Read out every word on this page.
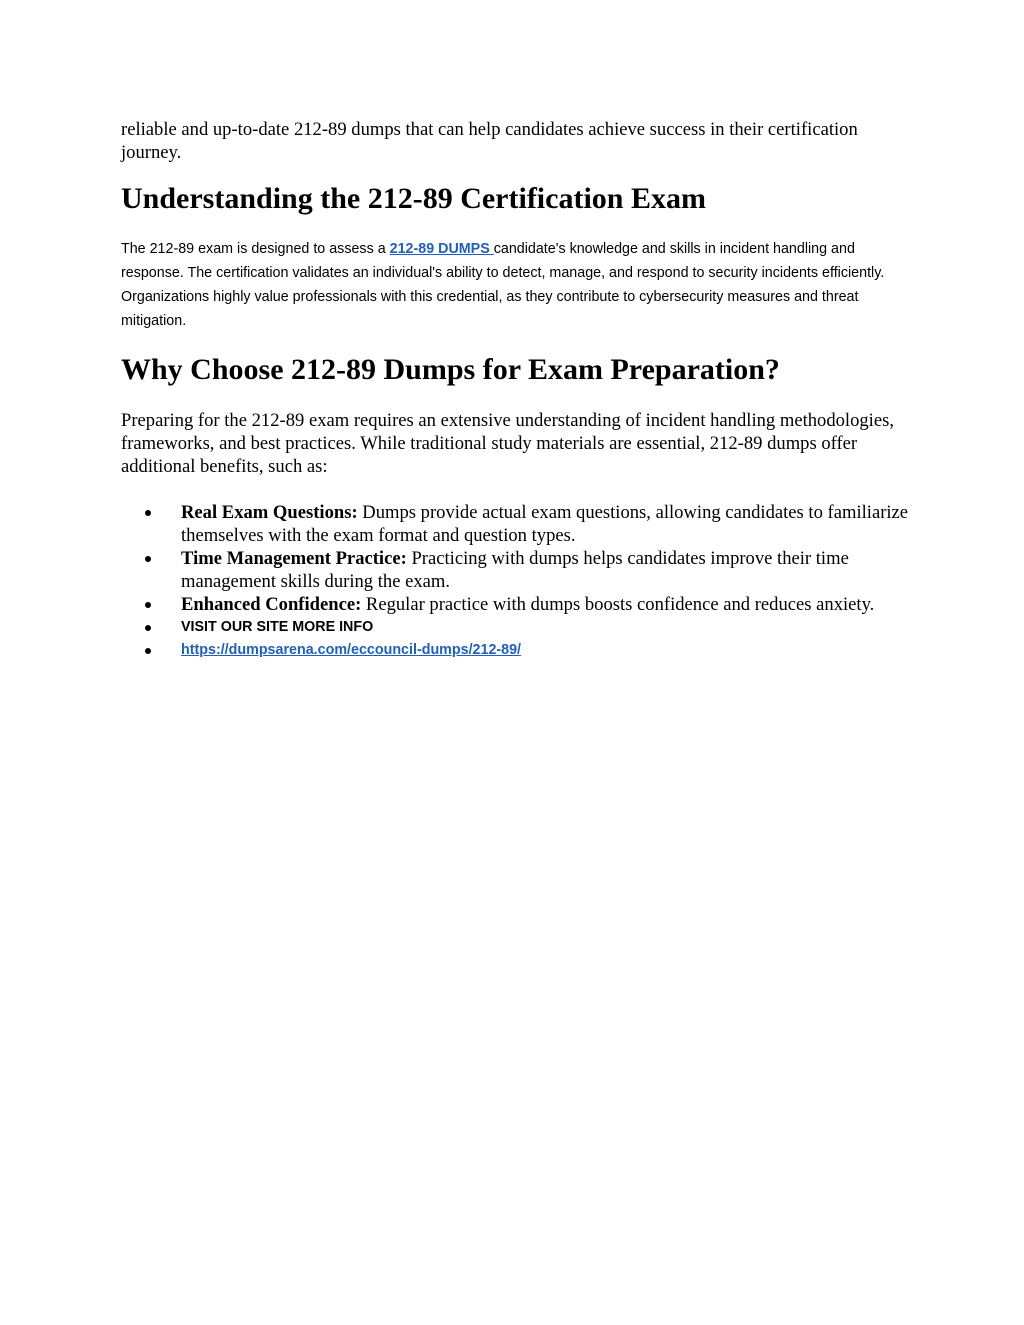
reliable and up-to-date 212-89 dumps that can help candidates achieve success in their certification journey.

Understanding the 212-89 Certification Exam

The 212-89 exam is designed to assess a 212-89 DUMPS candidate's knowledge and skills in incident handling and response. The certification validates an individual's ability to detect, manage, and respond to security incidents efficiently. Organizations highly value professionals with this credential, as they contribute to cybersecurity measures and threat mitigation.

Why Choose 212-89 Dumps for Exam Preparation?

Preparing for the 212-89 exam requires an extensive understanding of incident handling methodologies, frameworks, and best practices. While traditional study materials are essential, 212-89 dumps offer additional benefits, such as:

Real Exam Questions: Dumps provide actual exam questions, allowing candidates to familiarize themselves with the exam format and question types.
Time Management Practice: Practicing with dumps helps candidates improve their time management skills during the exam.
Enhanced Confidence: Regular practice with dumps boosts confidence and reduces anxiety.
VISIT OUR SITE MORE INFO
https://dumpsarena.com/eccouncil-dumps/212-89/
